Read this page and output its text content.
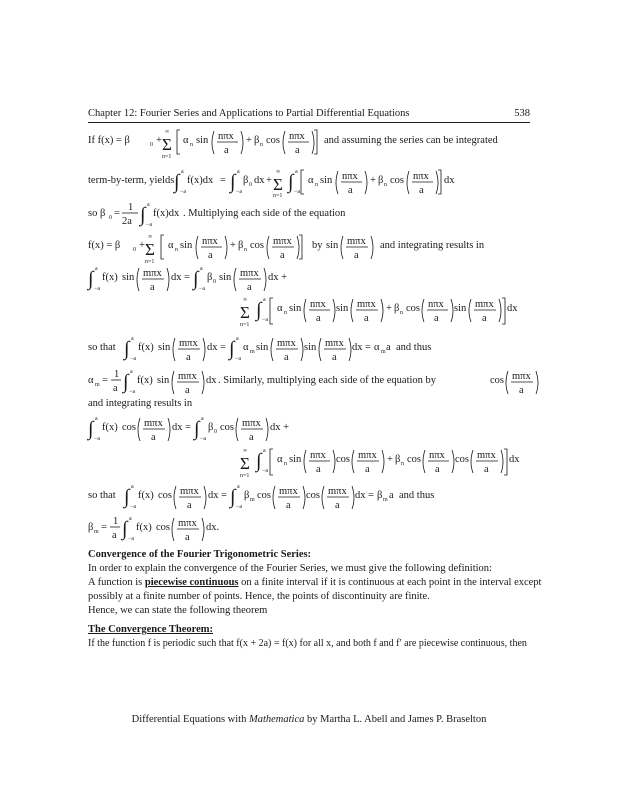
Chapter 12: Fourier Series and Applications to Partial Differential Equations	538
If f(x) = β	0 + Σ
∞
n=1
α n sin nπx
a
+ β n cos nπx
a
and assuming the series can be integrated
term-by-term, yields ∫ a
−a
f(x)dx = ∫ a
−a
β 0 dx + Σ
∞
n=1
∫ a
−a
α n sin nπx
a
+ β n cos nπx
a
dx
so β 0 =
1
2a ∫ a
−a
f(x)dx . Multiplying each side of the equation
f(x) = β 0 + Σ
∞
n=1
α n sin nπx
a
+ β n cos mπx
a
by sin mπx
a
and integrating results in
∫ a
−a
f(x) sin mπx
a
dx = ∫ a
−a
β 0 sin mπx
a
dx +
Σ
∞
n=1
∫ a
−a
α n sin nπx
a
sin mπx
a
+ β n cos nπx
a
sin mπx
a
dx
so that ∫ a
−a
f(x) sin mπx
a
dx = ∫ a
−a
α m sin mπx
a
sin mπx
a
dx = α m a and thus
α m =
1
a ∫ a
−a
f(x) sin mπx
a
dx . Similarly, multiplying each side of the equation by	cos mπx
a
and integrating results in
∫ a
−a
f(x) cos mπx
a
dx = ∫ a
−a
β 0 cos mπx
a
dx +
Σ
∞
n=1
∫ a
−a
α n sin nπx
a
cos mπx
a
+ β n cos nπx
a
cos mπx
a
dx
so that ∫ a
−a
f(x) cos mπx
a
dx = ∫ a
−a
β m cos mπx
a
cos mπx
a
dx = β m a and thus
β m =
1
a ∫ a
−a
f(x) cos mπx
a
dx.
Convergence of the Fourier Trigonometric Series:
In order to explain the convergence of the Fourier Series, we must give the following definition:
A function is piecewise continuous on a finite interval if it is continuous at each point in the interval except
possibly at a finite number of points. Hence, the points of discontinuity are finite.
Hence, we can state the following theorem
The Convergence Theorem:
If the function f is periodic such that f(x + 2a) = f(x) for all x, and both f and f′ are piecewise continuous, then
Differential Equations with Mathematica by Martha L. Abell and James P. Braselton
